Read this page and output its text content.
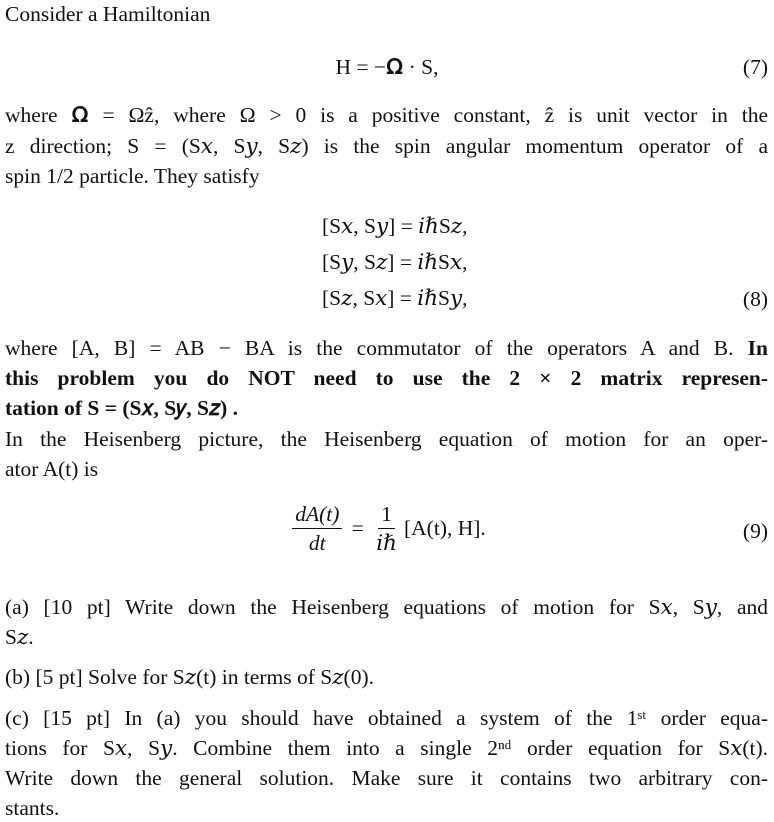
Consider a Hamiltonian
H = −𝛀 · S,	(7)
where 𝛀 = Ωẑ, where Ω > 0 is a positive constant, ẑ is unit vector in the
z direction; S = (S𝑥, S𝑦, S𝑧) is the spin angular momentum operator of a
spin 1/2 particle. They satisfy
[S𝑥, S𝑦] = 𝑖ℏS𝑧,
[S𝑦, S𝑧] = 𝑖ℏS𝑥,
[S𝑧, S𝑥] = 𝑖ℏS𝑦,	(8)
where [A, B] = AB − BA is the commutator of the operators A and B. In
this problem you do NOT need to use the 2 × 2 matrix represen-
tation of S = (S𝑥, S𝑦, S𝑧) .
In the Heisenberg picture, the Heisenberg equation of motion for an oper-
ator A(t) is
$\frac{dA(t)}{dt} = \frac{1}{\text{𝑖ℏ}} [A(t)$, H].	(9)
(a) [10 pt] Write down the Heisenberg equations of motion for S𝑥, S𝑦, and
S𝑧.
(b) [5 pt] Solve for S𝑧(t) in terms of S𝑧(0).
(c) [15 pt] In (a) you should have obtained a system of the 1ˢᵗ order equa-
tions for S𝑥, S𝑦. Combine them into a single 2ⁿᵈ order equation for S𝑥(t).
Write down the general solution. Make sure it contains two arbitrary con-
stants.
